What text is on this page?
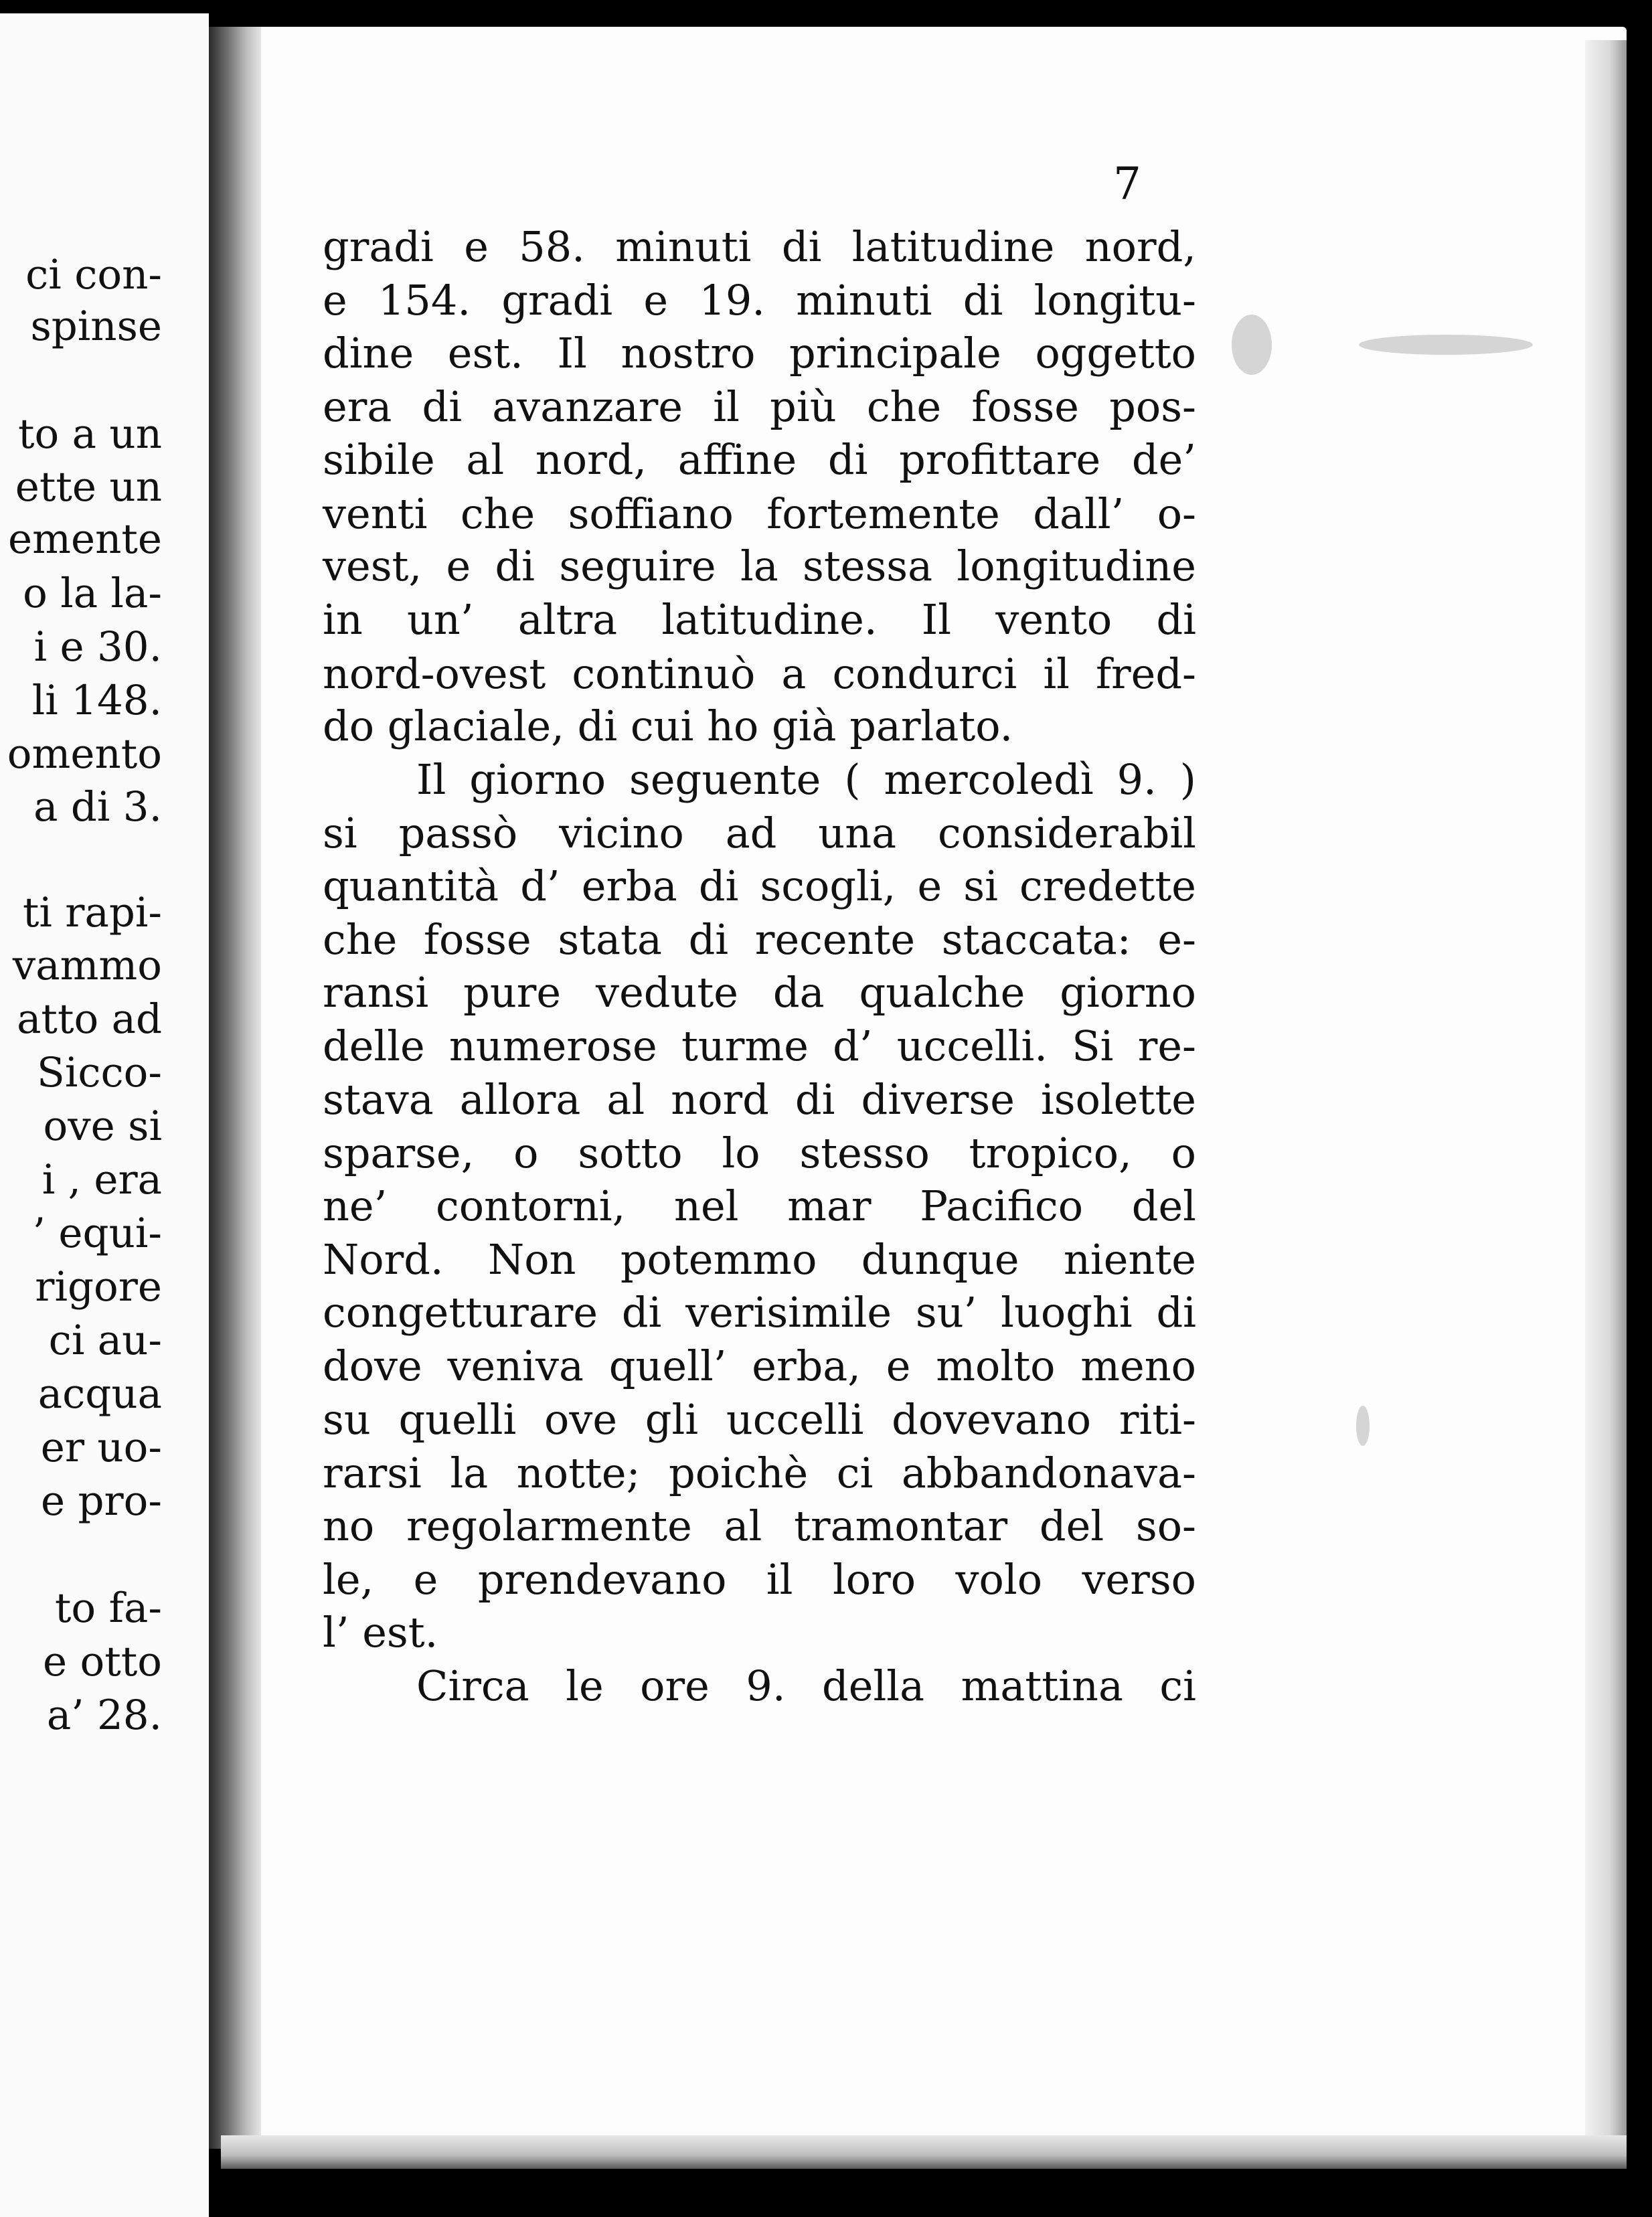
ci con-
spinse
to a un
ette un
emente
o la la-
i e 30.
li 148.
omento
a di 3.
ti rapi-
vammo
atto ad
Sicco-
ove si
i , era
’ equi-
rigore
ci au-
acqua
er uo-
e pro-
to fa-
e otto
a’ 28.
7
gradi e 58. minuti di latitudine nord,
e 154. gradi e 19. minuti di longitu-
dine est. Il nostro principale oggetto
era di avanzare il più che fosse pos-
sibile al nord, affine di profittare de’
venti che soffiano fortemente dall’ o-
vest, e di seguire la stessa longitudine
in un’ altra latitudine. Il vento di
nord-ovest continuò a condurci il fred-
do glaciale, di cui ho già parlato.
Il giorno seguente ( mercoledì 9. )
si passò vicino ad una considerabil
quantità d’ erba di scogli, e si credette
che fosse stata di recente staccata: e-
ransi pure vedute da qualche giorno
delle numerose turme d’ uccelli. Si re-
stava allora al nord di diverse isolette
sparse, o sotto lo stesso tropico, o
ne’ contorni, nel mar Pacifico del
Nord. Non potemmo dunque niente
congetturare di verisimile su’ luoghi di
dove veniva quell’ erba, e molto meno
su quelli ove gli uccelli dovevano riti-
rarsi la notte; poichè ci abbandonava-
no regolarmente al tramontar del so-
le, e prendevano il loro volo verso
l’ est.
Circa le ore 9. della mattina ci
